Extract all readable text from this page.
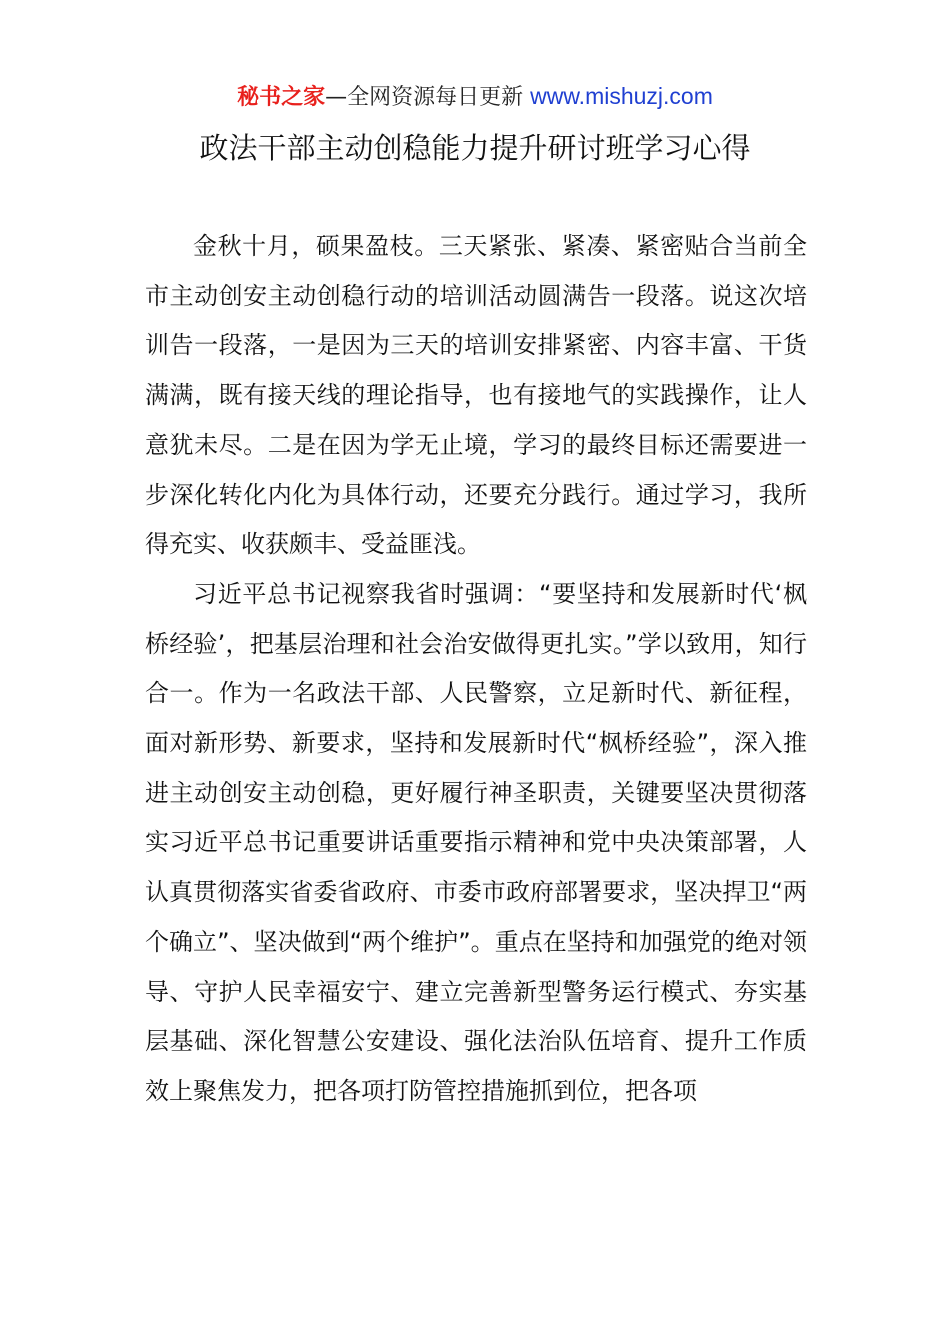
秘书之家—全网资源每日更新 www.mishuzj.com
政法干部主动创稳能力提升研讨班学习心得

金秋十月，硕果盈枝。三天紧张、紧凑、紧密贴合当前全市主动创安主动创稳行动的培训活动圆满告一段落。说这次培训告一段落，一是因为三天的培训安排紧密、内容丰富、干货满满，既有接天线的理论指导，也有接地气的实践操作，让人意犹未尽。二是在因为学无止境，学习的最终目标还需要进一步深化转化内化为具体行动，还要充分践行。通过学习，我所得充实、收获颇丰、受益匪浅。

习近平总书记视察我省时强调：“要坚持和发展新时代‘枫桥经验’，把基层治理和社会治安做得更扎实。”学以致用，知行合一。作为一名政法干部、人民警察，立足新时代、新征程，面对新形势、新要求，坚持和发展新时代“枫桥经验”，深入推进主动创安主动创稳，更好履行神圣职责，关键要坚决贯彻落实习近平总书记重要讲话重要指示精神和党中央决策部署，人认真贯彻落实省委省政府、市委市政府部署要求，坚决捍卫“两个确立”、坚决做到“两个维护”。重点在坚持和加强党的绝对领导、守护人民幸福安宁、建立完善新型警务运行模式、夯实基层基础、深化智慧公安建设、强化法治队伍培育、提升工作质效上聚焦发力，把各项打防管控措施抓到位，把各项
